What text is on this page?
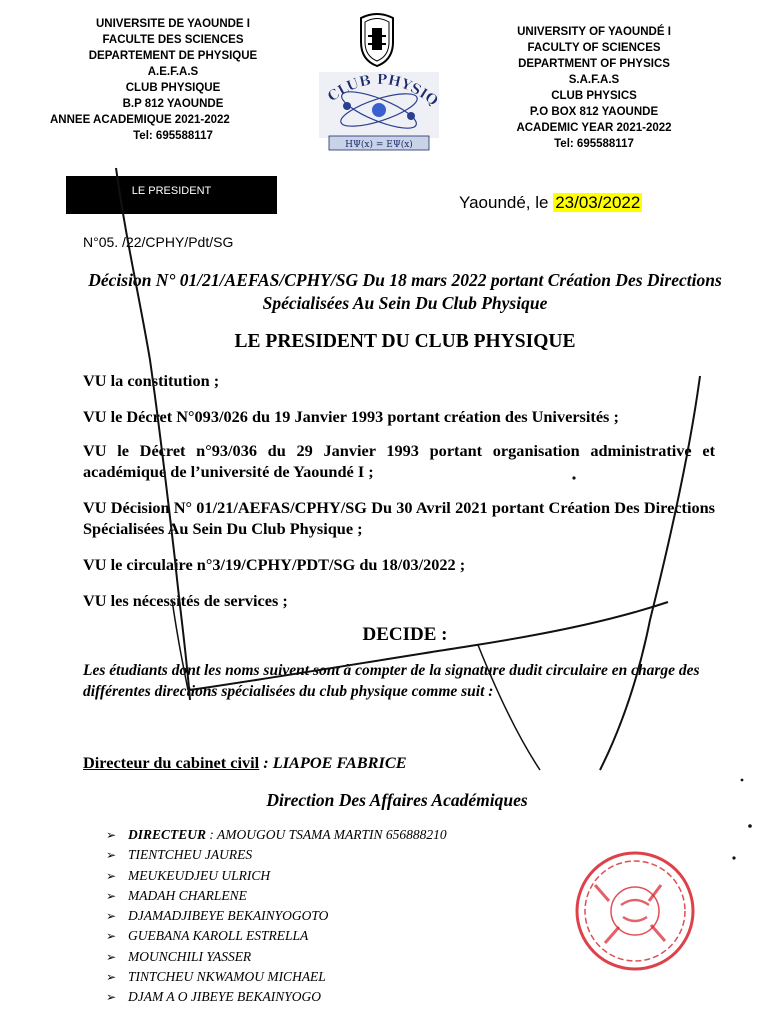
UNIVERSITE DE YAOUNDE I
FACULTE DES SCIENCES
DEPARTEMENT DE PHYSIQUE
A.E.F.A.S
CLUB PHYSIQUE
B.P 812 YAOUNDE
ANNEE ACADEMIQUE 2021-2022
Tel: 695588117
CLUB PHYSIQ
HΨ(x) = EΨ(x)
UNIVERSITY OF YAOUNDÉ I
FACULTY OF SCIENCES
DEPARTMENT OF PHYSICS
S.A.F.A.S
CLUB PHYSICS
P.O BOX 812 YAOUNDE
ACADEMIC YEAR 2021-2022
Tel: 695588117
LE PRESIDENT
Yaoundé, le 23/03/2022
N°05. /22/CPHY/Pdt/SG
Décision N° 01/21/AEFAS/CPHY/SG Du 18 mars 2022 portant Création Des Directions Spécialisées Au Sein Du Club Physique
LE PRESIDENT DU CLUB PHYSIQUE
VU la constitution ;
VU le Décret N°093/026 du 19 Janvier 1993 portant création des Universités ;
VU le Décret n°93/036 du 29 Janvier 1993 portant organisation administrative et académique de l’université de Yaoundé I ;
VU Décision N° 01/21/AEFAS/CPHY/SG Du 30 Avril 2021 portant Création Des Directions Spécialisées Au Sein Du Club Physique ;
VU le circulaire n°3/19/CPHY/PDT/SG du 18/03/2022 ;
VU les nécessités de services ;
DECIDE :
Les étudiants dont les noms suivent sont à compter de la signature dudit circulaire en charge des différentes directions spécialisées du club physique comme suit :
Directeur du cabinet civil : LIAPOE FABRICE
Direction Des Affaires Académiques
➢ DIRECTEUR : AMOUGOU TSAMA MARTIN 656888210
➢ TIENTCHEU JAURES
➢ MEUKEUDJEU ULRICH
➢ MADAH CHARLENE
➢ DJAMADJIBEYE BEKAINYOGOTO
➢ GUEBANA KAROLL ESTRELLA
➢ MOUNCHILI YASSER
➢ TINTCHEU NKWAMOU MICHAEL
➢ DJAM A O JIBEYE BEKAINYOGO
